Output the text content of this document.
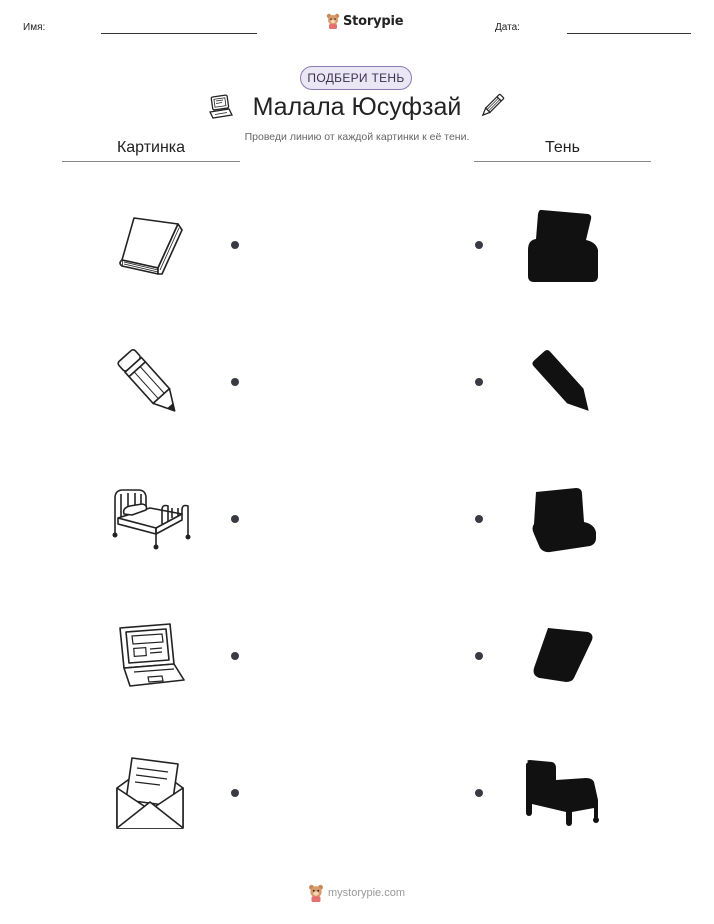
Имя:	Storypie	Дата:
ПОДБЕРИ ТЕНЬ
Малала Юсуфзай
Проведи линию от каждой картинки к её тени.
Картинка	Тень
mystorypie.com
